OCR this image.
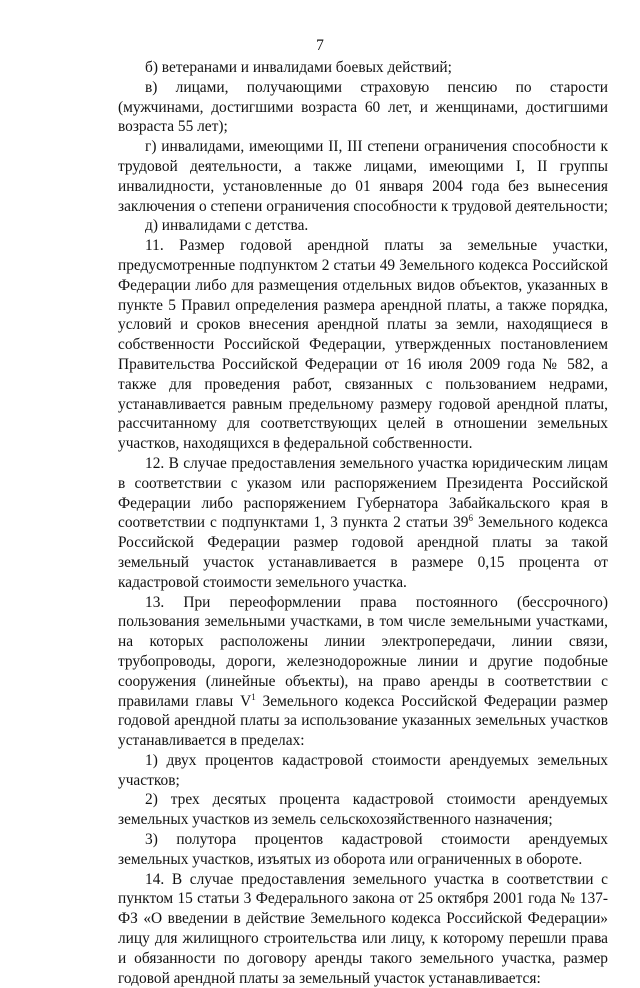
7

б) ветеранами и инвалидами боевых действий;

в) лицами, получающими страховую пенсию по старости (мужчинами, достигшими возраста 60 лет, и женщинами, достигшими возраста 55 лет);

г) инвалидами, имеющими II, III степени ограничения способности к трудовой деятельности, а также лицами, имеющими I, II группы инвалидности, установленные до 01 января 2004 года без вынесения заключения о степени ограничения способности к трудовой деятельности;

д) инвалидами с детства.

11. Размер годовой арендной платы за земельные участки, предусмотренные подпунктом 2 статьи 49 Земельного кодекса Российской Федерации либо для размещения отдельных видов объектов, указанных в пункте 5 Правил определения размера арендной платы, а также порядка, условий и сроков внесения арендной платы за земли, находящиеся в собственности Российской Федерации, утвержденных постановлением Правительства Российской Федерации от 16 июля 2009 года № 582, а также для проведения работ, связанных с пользованием недрами, устанавливается равным предельному размеру годовой арендной платы, рассчитанному для соответствующих целей в отношении земельных участков, находящихся в федеральной собственности.

12. В случае предоставления земельного участка юридическим лицам в соответствии с указом или распоряжением Президента Российской Федерации либо распоряжением Губернатора Забайкальского края в соответствии с подпунктами 1, 3 пункта 2 статьи $39^6$ Земельного кодекса Российской Федерации размер годовой арендной платы за такой земельный участок устанавливается в размере 0,15 процента от кадастровой стоимости земельного участка.

13. При переоформлении права постоянного (бессрочного) пользования земельными участками, в том числе земельными участками, на которых расположены линии электропередачи, линии связи, трубопроводы, дороги, железнодорожные линии и другие подобные сооружения (линейные объекты), на право аренды в соответствии с правилами главы $V^1$ Земельного кодекса Российской Федерации размер годовой арендной платы за использование указанных земельных участков устанавливается в пределах:

1) двух процентов кадастровой стоимости арендуемых земельных участков;

2) трех десятых процента кадастровой стоимости арендуемых земельных участков из земель сельскохозяйственного назначения;

3) полутора процентов кадастровой стоимости арендуемых земельных участков, изъятых из оборота или ограниченных в обороте.

14. В случае предоставления земельного участка в соответствии с пунктом 15 статьи 3 Федерального закона от 25 октября 2001 года № 137-ФЗ «О введении в действие Земельного кодекса Российской Федерации» лицу для жилищного строительства или лицу, к которому перешли права и обязанности по договору аренды такого земельного участка, размер годовой арендной платы за земельный участок устанавливается:
